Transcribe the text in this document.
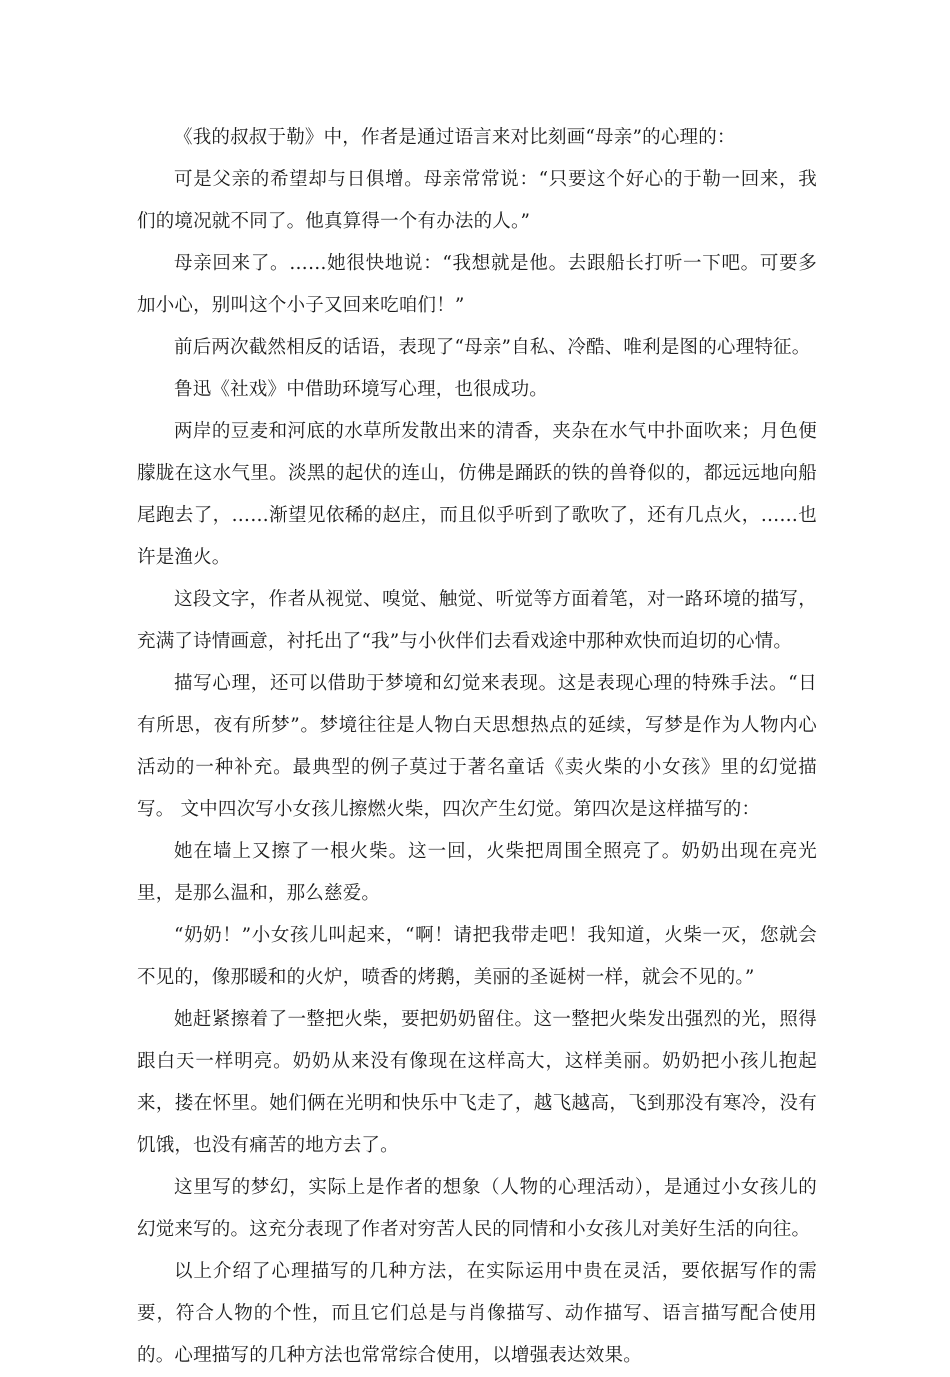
《我的叔叔于勒》中，作者是通过语言来对比刻画“母亲”的心理的：

可是父亲的希望却与日俱增。母亲常常说：“只要这个好心的于勒一回来，我们的境况就不同了。他真算得一个有办法的人。”

母亲回来了。……她很快地说：“我想就是他。去跟船长打听一下吧。可要多加小心，别叫这个小子又回来吃咱们！”

前后两次截然相反的话语，表现了“母亲”自私、冷酷、唯利是图的心理特征。

鲁迅《社戏》中借助环境写心理，也很成功。

两岸的豆麦和河底的水草所发散出来的清香，夹杂在水气中扑面吹来；月色便朦胧在这水气里。淡黑的起伏的连山，仿佛是踊跃的铁的兽脊似的，都远远地向船尾跑去了，……渐望见依稀的赵庄，而且似乎听到了歌吹了，还有几点火，……也许是渔火。

这段文字，作者从视觉、嗅觉、触觉、听觉等方面着笔，对一路环境的描写，充满了诗情画意，衬托出了“我”与小伙伴们去看戏途中那种欢快而迫切的心情。

描写心理，还可以借助于梦境和幻觉来表现。这是表现心理的特殊手法。“日有所思，夜有所梦”。梦境往往是人物白天思想热点的延续，写梦是作为人物内心活动的一种补充。最典型的例子莫过于著名童话《卖火柴的小女孩》里的幻觉描写。 文中四次写小女孩儿擦燃火柴，四次产生幻觉。第四次是这样描写的：

她在墙上又擦了一根火柴。这一回，火柴把周围全照亮了。奶奶出现在亮光里，是那么温和，那么慈爱。

“奶奶！”小女孩儿叫起来，“啊！请把我带走吧！我知道，火柴一灭，您就会不见的，像那暖和的火炉，喷香的烤鹅，美丽的圣诞树一样，就会不见的。”

她赶紧擦着了一整把火柴，要把奶奶留住。这一整把火柴发出强烈的光，照得跟白天一样明亮。奶奶从来没有像现在这样高大，这样美丽。奶奶把小孩儿抱起来，搂在怀里。她们俩在光明和快乐中飞走了，越飞越高，飞到那没有寒冷，没有饥饿，也没有痛苦的地方去了。

这里写的梦幻，实际上是作者的想象（人物的心理活动），是通过小女孩儿的幻觉来写的。这充分表现了作者对穷苦人民的同情和小女孩儿对美好生活的向往。

以上介绍了心理描写的几种方法，在实际运用中贵在灵活，要依据写作的需要，符合人物的个性，而且它们总是与肖像描写、动作描写、语言描写配合使用的。心理描写的几种方法也常常综合使用，以增强表达效果。
